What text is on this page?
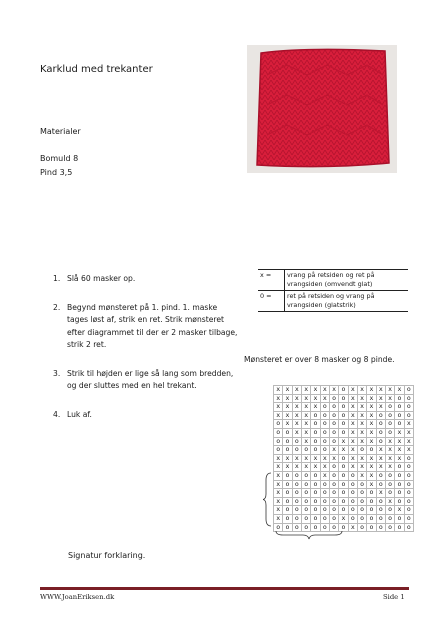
Karklud med trekanter
Materialer
Bomuld 8
Pind 3,5
1. Slå 60 masker op.
2. Begynd mønsteret på 1. pind. 1. maske tages løst af, strik en ret. Strik mønsteret efter diagrammet til der er 2 masker tilbage, strik 2 ret.
3. Strik til højden er lige så lang som bredden, og der sluttes med en hel trekant.
4. Luk af.
x =	vrang på retsiden og ret på vrangsiden (omvendt glat)
0 =	ret på retsiden og vrang på vrangsiden (glatstrik)
Mønsteret er over 8 masker og 8 pinde.
x	x	x	x	x	x	x	o	x	x	x	x	x	x	o
x	x	x	x	x	x	o	o	x	x	x	x	x	o	o
x	x	x	x	x	o	o	o	x	x	x	x	o	o	o
x	x	x	x	o	o	o	o	x	x	x	o	o	o	o
o	x	x	x	o	o	o	o	x	x	x	o	o	o	x
o	o	x	x	o	o	o	o	x	x	x	o	o	x	x
o	o	o	x	o	o	o	x	x	x	x	o	x	x	x
o	o	o	o	o	o	x	x	x	o	o	x	x	x	x
x	x	x	x	x	x	x	o	x	x	x	x	x	x	o
x	x	x	x	x	x	o	o	x	x	x	x	x	o	o
x	o	o	o	o	x	o	o	o	x	x	o	o	o	o
x	o	o	o	o	o	o	o	o	o	x	o	o	o	o
x	o	o	o	o	o	o	o	o	o	o	x	o	o	o
x	o	o	o	o	o	o	o	o	o	o	o	x	o	o
x	o	o	o	o	o	o	o	o	o	o	o	o	x	o
x	o	o	o	o	o	o	x	o	o	o	o	o	o	o
o	o	o	o	o	o	o	o	x	o	o	o	o	o	o
Signatur forklaring.
WWW.JoanEriksen.dk	Side 1
